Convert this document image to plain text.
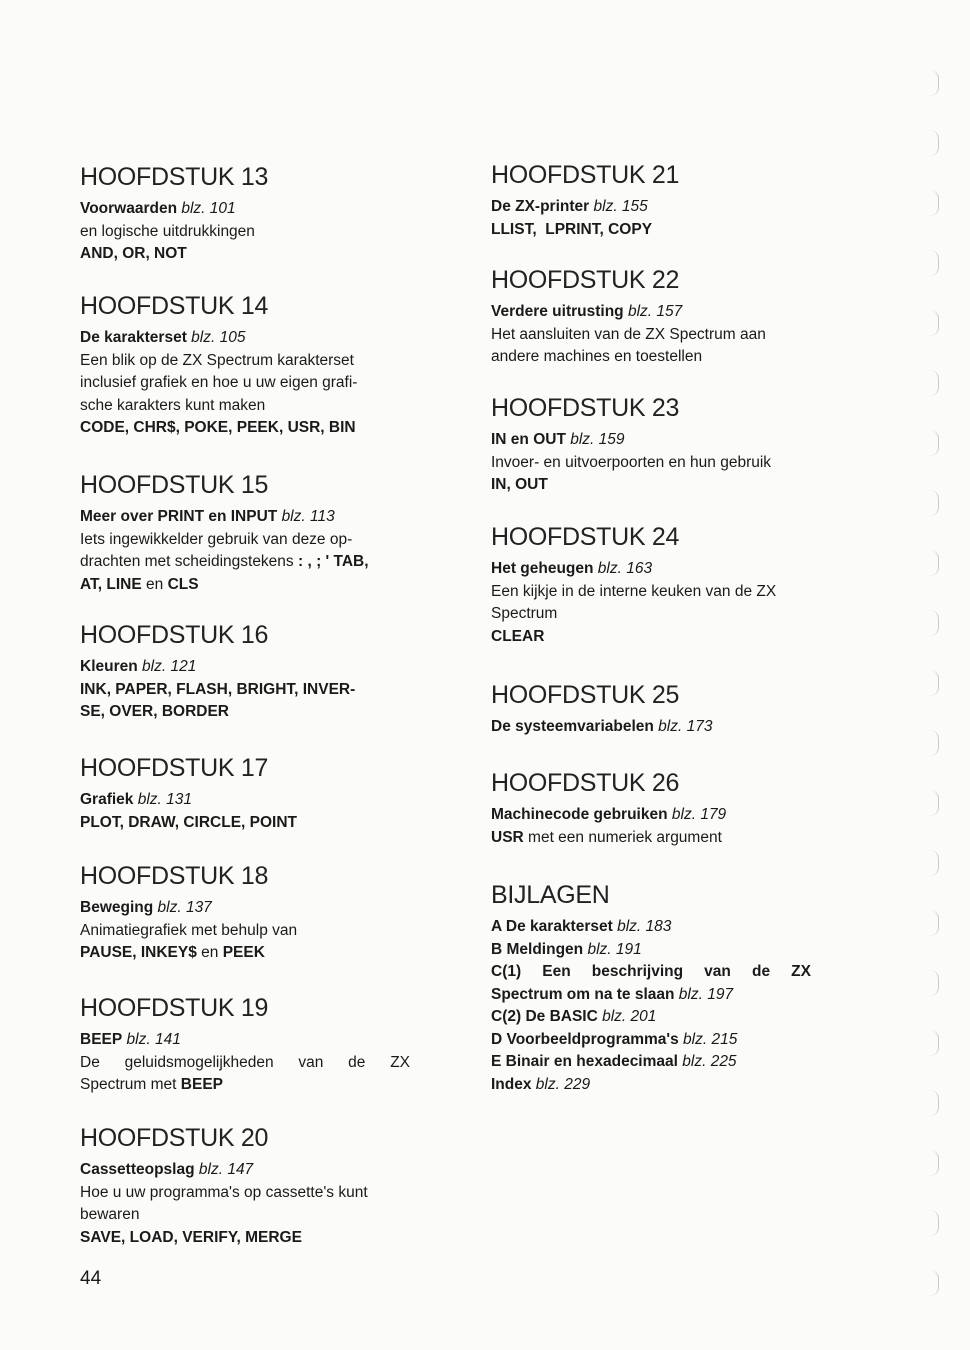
HOOFDSTUK 13

Voorwaarden blz. 101

en logische uitdrukkingen

AND, OR, NOT

HOOFDSTUK 14

De karakterset blz. 105

Een blik op de ZX Spectrum karakterset

inclusief grafiek en hoe u uw eigen grafi-

sche karakters kunt maken

CODE, CHR$, POKE, PEEK, USR, BIN

HOOFDSTUK 15

Meer over PRINT en INPUT blz. 113

Iets ingewikkelder gebruik van deze op-

drachten met scheidingstekens : , ; ' TAB,

AT, LINE en CLS

HOOFDSTUK 16

Kleuren blz. 121

INK, PAPER, FLASH, BRIGHT, INVER-

SE, OVER, BORDER

HOOFDSTUK 17

Grafiek blz. 131

PLOT, DRAW, CIRCLE, POINT

HOOFDSTUK 18

Beweging blz. 137

Animatiegrafiek met behulp van

PAUSE, INKEY$ en PEEK

HOOFDSTUK 19

BEEP blz. 141

De geluidsmogelijkheden van de ZX

Spectrum met BEEP

HOOFDSTUK 20

Cassetteopslag blz. 147

Hoe u uw programma's op cassette's kunt

bewaren

SAVE, LOAD, VERIFY, MERGE

HOOFDSTUK 21

De ZX-printer blz. 155

LLIST,  LPRINT, COPY

HOOFDSTUK 22

Verdere uitrusting blz. 157

Het aansluiten van de ZX Spectrum aan

andere machines en toestellen

HOOFDSTUK 23

IN en OUT blz. 159

Invoer- en uitvoerpoorten en hun gebruik

IN, OUT

HOOFDSTUK 24

Het geheugen blz. 163

Een kijkje in de interne keuken van de ZX

Spectrum

CLEAR

HOOFDSTUK 25

De systeemvariabelen blz. 173

HOOFDSTUK 26

Machinecode gebruiken blz. 179

USR met een numeriek argument

BIJLAGEN

A De karakterset blz. 183

B Meldingen blz. 191

C(1) Een beschrijving van de ZX

Spectrum om na te slaan blz. 197

C(2) De BASIC blz. 201

D Voorbeeldprogramma's blz. 215

E Binair en hexadecimaal blz. 225

Index blz. 229

44
